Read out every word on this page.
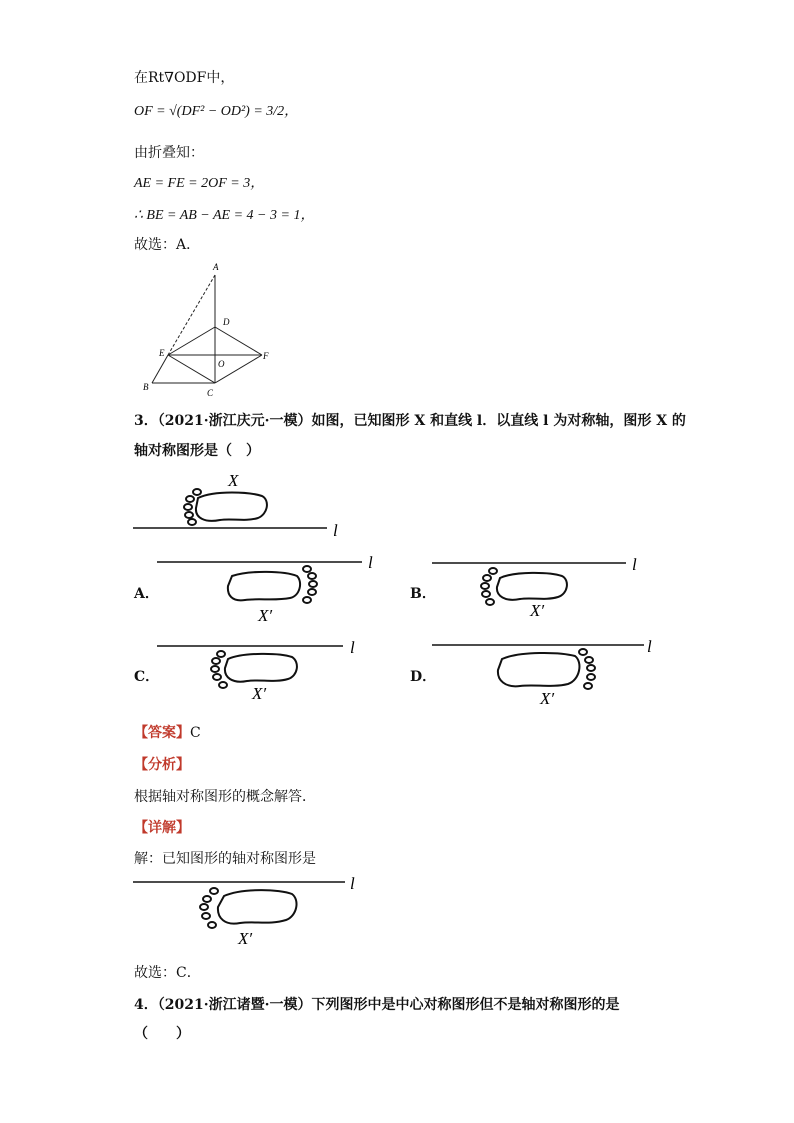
在Rt∇ODF中，
OF = √(DF² − OD²) = 3/2，
由折叠知：
AE = FE = 2OF = 3，
∴ BE = AB − AE = 4 − 3 = 1，
故选：A．
A
D
E
O
F
B
C
3．（2021·浙江庆元·一模）如图，已知图形 X 和直线 l．以直线 l 为对称轴，图形 X 的
轴对称图形是（　）
X
l
A．	B．
C．	D．
l
X′
l
X′
l
X′
l
X′
【答案】C
【分析】
根据轴对称图形的概念解答．
【详解】
解：已知图形的轴对称图形是
l
X′
故选：C．
4．（2021·浙江诸暨·一模）下列图形中是中心对称图形但不是轴对称图形的是
（　　）
